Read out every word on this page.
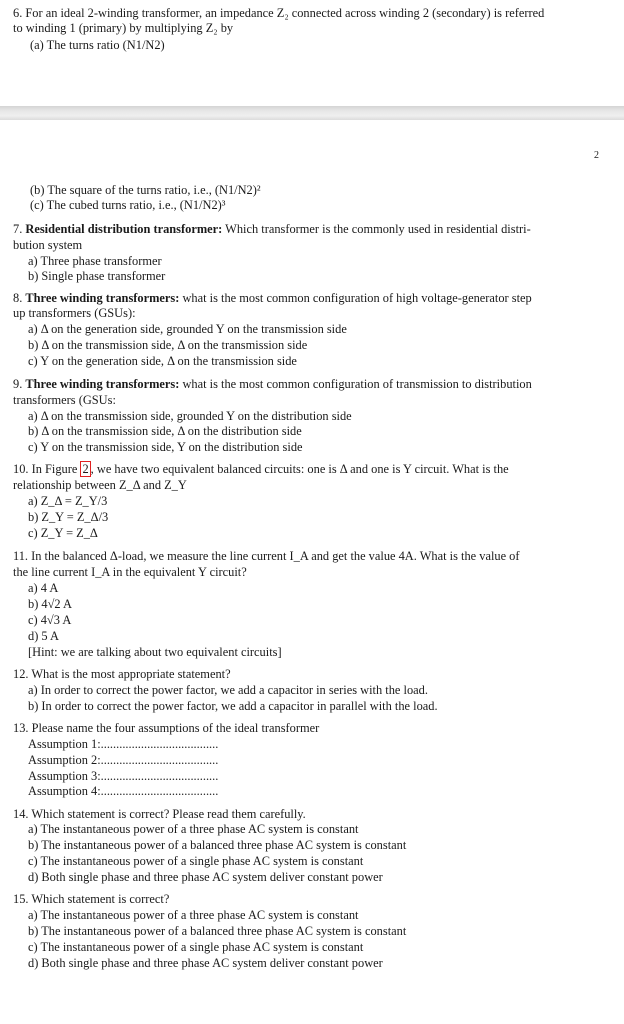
6. For an ideal 2-winding transformer, an impedance Z₂ connected across winding 2 (secondary) is referred
to winding 1 (primary) by multiplying Z₂ by
(a) The turns ratio (N1/N2)
2
(b) The square of the turns ratio, i.e., (N1/N2)²
(c) The cubed turns ratio, i.e., (N1/N2)³
7. Residential distribution transformer: Which transformer is the commonly used in residential distri-
bution system
a) Three phase transformer
b) Single phase transformer
8. Three winding transformers: what is the most common configuration of high voltage-generator step
up transformers (GSUs):
a) Δ on the generation side, grounded Y on the transmission side
b) Δ on the transmission side, Δ on the transmission side
c) Y on the generation side, Δ on the transmission side
9. Three winding transformers: what is the most common configuration of transmission to distribution
transformers (GSUs:
a) Δ on the transmission side, grounded Y on the distribution side
b) Δ on the transmission side, Δ on the distribution side
c) Y on the transmission side, Y on the distribution side
10. In Figure 2 , we have two equivalent balanced circuits: one is Δ and one is Y circuit. What is the
relationship between Z_Δ and Z_Y
a) Z_Δ = Z_Y/3
b) Z_Y = Z_Δ/3
c) Z_Y = Z_Δ
11. In the balanced Δ-load, we measure the line current I_A and get the value 4A. What is the value of
the line current I_A in the equivalent Y circuit?
a) 4 A
b) 4√2 A
c) 4√3 A
d) 5 A
[Hint: we are talking about two equivalent circuits]
12. What is the most appropriate statement?
a) In order to correct the power factor, we add a capacitor in series with the load.
b) In order to correct the power factor, we add a capacitor in parallel with the load.
13. Please name the four assumptions of the ideal transformer
Assumption 1:......................................
Assumption 2:......................................
Assumption 3:......................................
Assumption 4:......................................
14. Which statement is correct? Please read them carefully.
a) The instantaneous power of a three phase AC system is constant
b) The instantaneous power of a balanced three phase AC system is constant
c) The instantaneous power of a single phase AC system is constant
d) Both single phase and three phase AC system deliver constant power
15. Which statement is correct?
a) The instantaneous power of a three phase AC system is constant
b) The instantaneous power of a balanced three phase AC system is constant
c) The instantaneous power of a single phase AC system is constant
d) Both single phase and three phase AC system deliver constant power
